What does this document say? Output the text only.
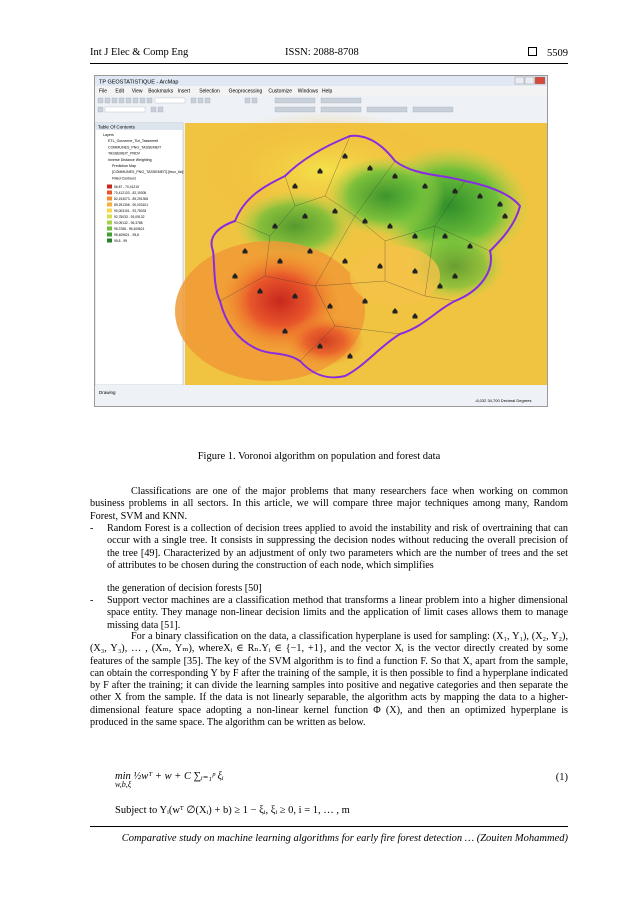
Int J Elec & Comp Eng	ISSN: 2088-8708	5509
TP GEOSTATISTIQUE - ArcMap
File Edit View Bookmarks Insert Selection Geoprocessing Customize Windows Help
Table Of Contents
Layers
ETL_Gouverne_Tizi_Tassemeit
COMMUNES_PNG_TASSEMEIT
TASSEMEIT_PRDV
Inverse Distance Weighting
Prediction Map
[COMMUNES_PNG_TASSEMEIT].[feux_tizi]
Filled Contours
56,87 - 70,41215
70,412133 - 82,19305
82,193073 - 89,291308
89,291308 - 90,003101
90,003101 - 92,75033
92,75033 - 93,09132
93,09132 - 95,3788
95,3788 - 95,409621
95,409621 - 95,8
95,8 - 99
Drawing
-6,032 34,700 Decimal Degrees
Figure 1. Voronoi algorithm on population and forest data
Classifications are one of the major problems that many researchers face when working on common business problems in all sectors. In this article, we will compare three major techniques among many, Random Forest, SVM and KNN.
- Random Forest is a collection of decision trees applied to avoid the instability and risk of overtraining that can occur with a single tree. It consists in suppressing the decision nodes without reducing the overall precision of the tree [49]. Characterized by an adjustment of only two parameters which are the number of trees and the set of attributes to be chosen during the construction of each node, which simplifies
the generation of decision forests [50]
- Support vector machines are a classification method that transforms a linear problem into a higher dimensional space entity. They manage non-linear decision limits and the application of limit cases allows them to manage missing data [51].
For a binary classification on the data, a classification hyperplane is used for sampling: (X₁, Y₁), (X₂, Y₂), (X₃, Y₃), … , (Xₘ, Yₘ), whereXᵢ ∈ Rₙ.Yᵢ ∈ {−1, +1}, and the vector Xᵢ is the vector directly created by some features of the sample [35]. The key of the SVM algorithm is to find a function F. So that X, apart from the sample, can obtain the corresponding Y by F after the training of the sample, it is then possible to find a hyperplane indicated by F after the training; it can divide the learning samples into positive and negative categories and then separate the other X from the sample. If the data is not linearly separable, the algorithm acts by mapping the data to a higher-dimensional feature space adopting a non-linear kernel function Φ (X), and then an optimized hyperplane is produced in the same space. The algorithm can be written as below.
min ½wᵀ + w + C ∑ᵢ₌₁ᵖ ξᵢ
w,b,ξ
(1)
Subject to Yᵢ(wᵀ ∅(Xᵢ) + b) ≥ 1 − ξᵢ, ξᵢ ≥ 0, i = 1, … , m
Comparative study on machine learning algorithms for early fire forest detection … (Zouiten Mohammed)
